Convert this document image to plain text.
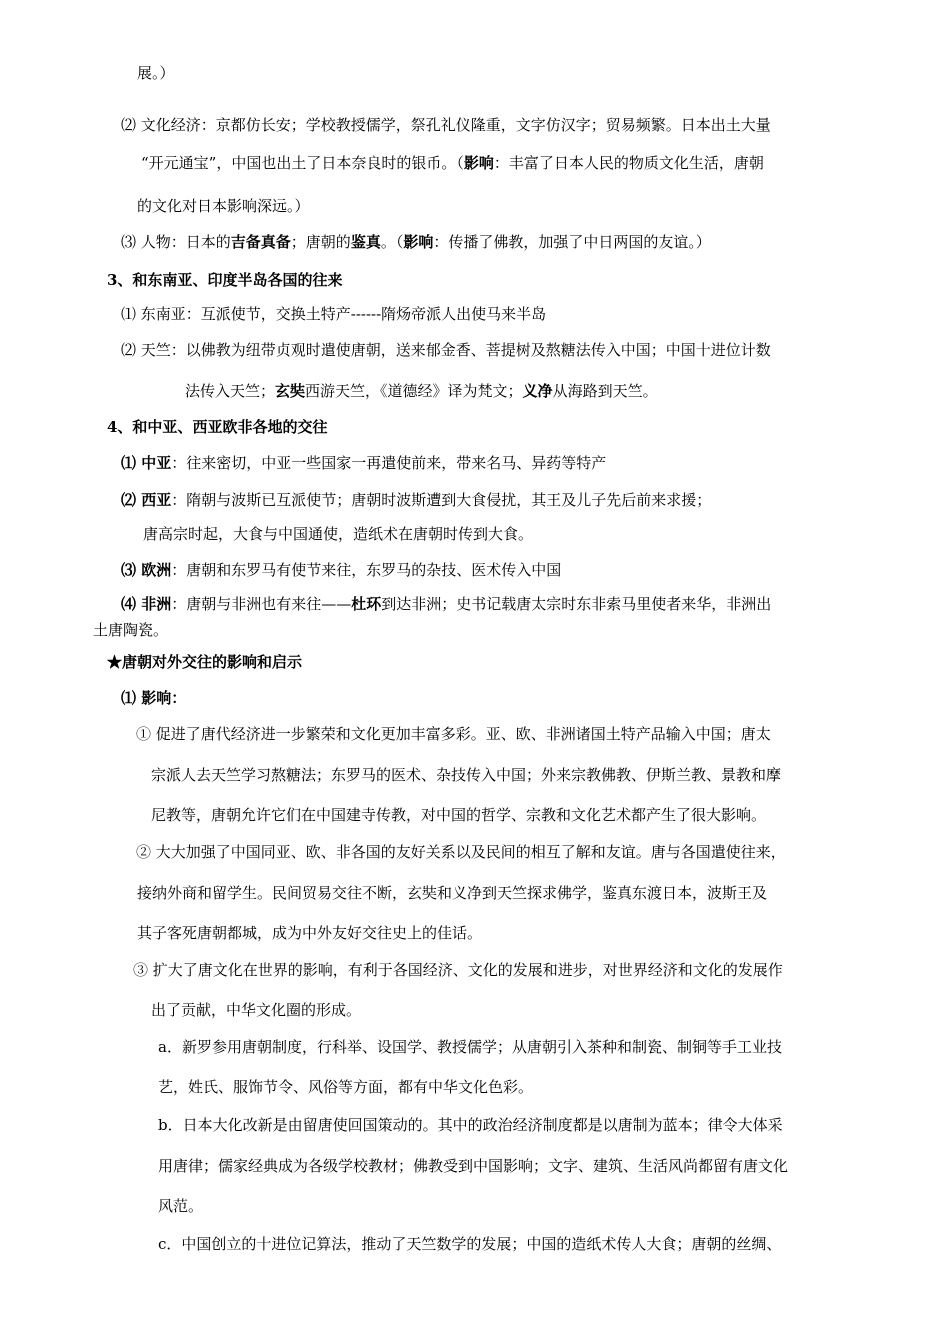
展。）
⑵ 文化经济：京都仿长安；学校教授儒学，祭孔礼仪隆重，文字仿汉字；贸易频繁。日本出土大量
“开元通宝”，中国也出土了日本奈良时的银币。（影响：丰富了日本人民的物质文化生活，唐朝
的文化对日本影响深远。）
⑶ 人物：日本的吉备真备；唐朝的鉴真。（影响：传播了佛教，加强了中日两国的友谊。）
3、和东南亚、印度半岛各国的往来
⑴ 东南亚：互派使节，交换土特产------隋炀帝派人出使马来半岛
⑵ 天竺：以佛教为纽带贞观时遣使唐朝，送来郁金香、菩提树及熬糖法传入中国；中国十进位计数
法传入天竺；玄奘西游天竺，《道德经》译为梵文；义净从海路到天竺。
4、和中亚、西亚欧非各地的交往
⑴ 中亚：往来密切，中亚一些国家一再遣使前来，带来名马、异药等特产
⑵ 西亚：隋朝与波斯已互派使节；唐朝时波斯遭到大食侵扰，其王及儿子先后前来求援；
唐高宗时起，大食与中国通使，造纸术在唐朝时传到大食。
⑶ 欧洲：唐朝和东罗马有使节来往，东罗马的杂技、医术传入中国
⑷ 非洲：唐朝与非洲也有来往——杜环到达非洲；史书记载唐太宗时东非索马里使者来华，非洲出
土唐陶瓷。
★唐朝对外交往的影响和启示
⑴ 影响：
① 促进了唐代经济进一步繁荣和文化更加丰富多彩。亚、欧、非洲诸国土特产品输入中国；唐太
宗派人去天竺学习熬糖法；东罗马的医术、杂技传入中国；外来宗教佛教、伊斯兰教、景教和摩
尼教等，唐朝允许它们在中国建寺传教，对中国的哲学、宗教和文化艺术都产生了很大影响。
② 大大加强了中国同亚、欧、非各国的友好关系以及民间的相互了解和友谊。唐与各国遣使往来，
接纳外商和留学生。民间贸易交往不断，玄奘和义净到天竺探求佛学，鉴真东渡日本，波斯王及
其子客死唐朝都城，成为中外友好交往史上的佳话。
③ 扩大了唐文化在世界的影响，有利于各国经济、文化的发展和进步，对世界经济和文化的发展作
出了贡献，中华文化圈的形成。
a．新罗参用唐朝制度，行科举、设国学、教授儒学；从唐朝引入茶种和制瓷、制铜等手工业技
艺，姓氏、服饰节令、风俗等方面，都有中华文化色彩。
b．日本大化改新是由留唐使回国策动的。其中的政治经济制度都是以唐制为蓝本；律令大体采
用唐律；儒家经典成为各级学校教材；佛教受到中国影响；文字、建筑、生活风尚都留有唐文化
风范。
c．中国创立的十进位记算法，推动了天竺数学的发展；中国的造纸术传人大食；唐朝的丝绸、
